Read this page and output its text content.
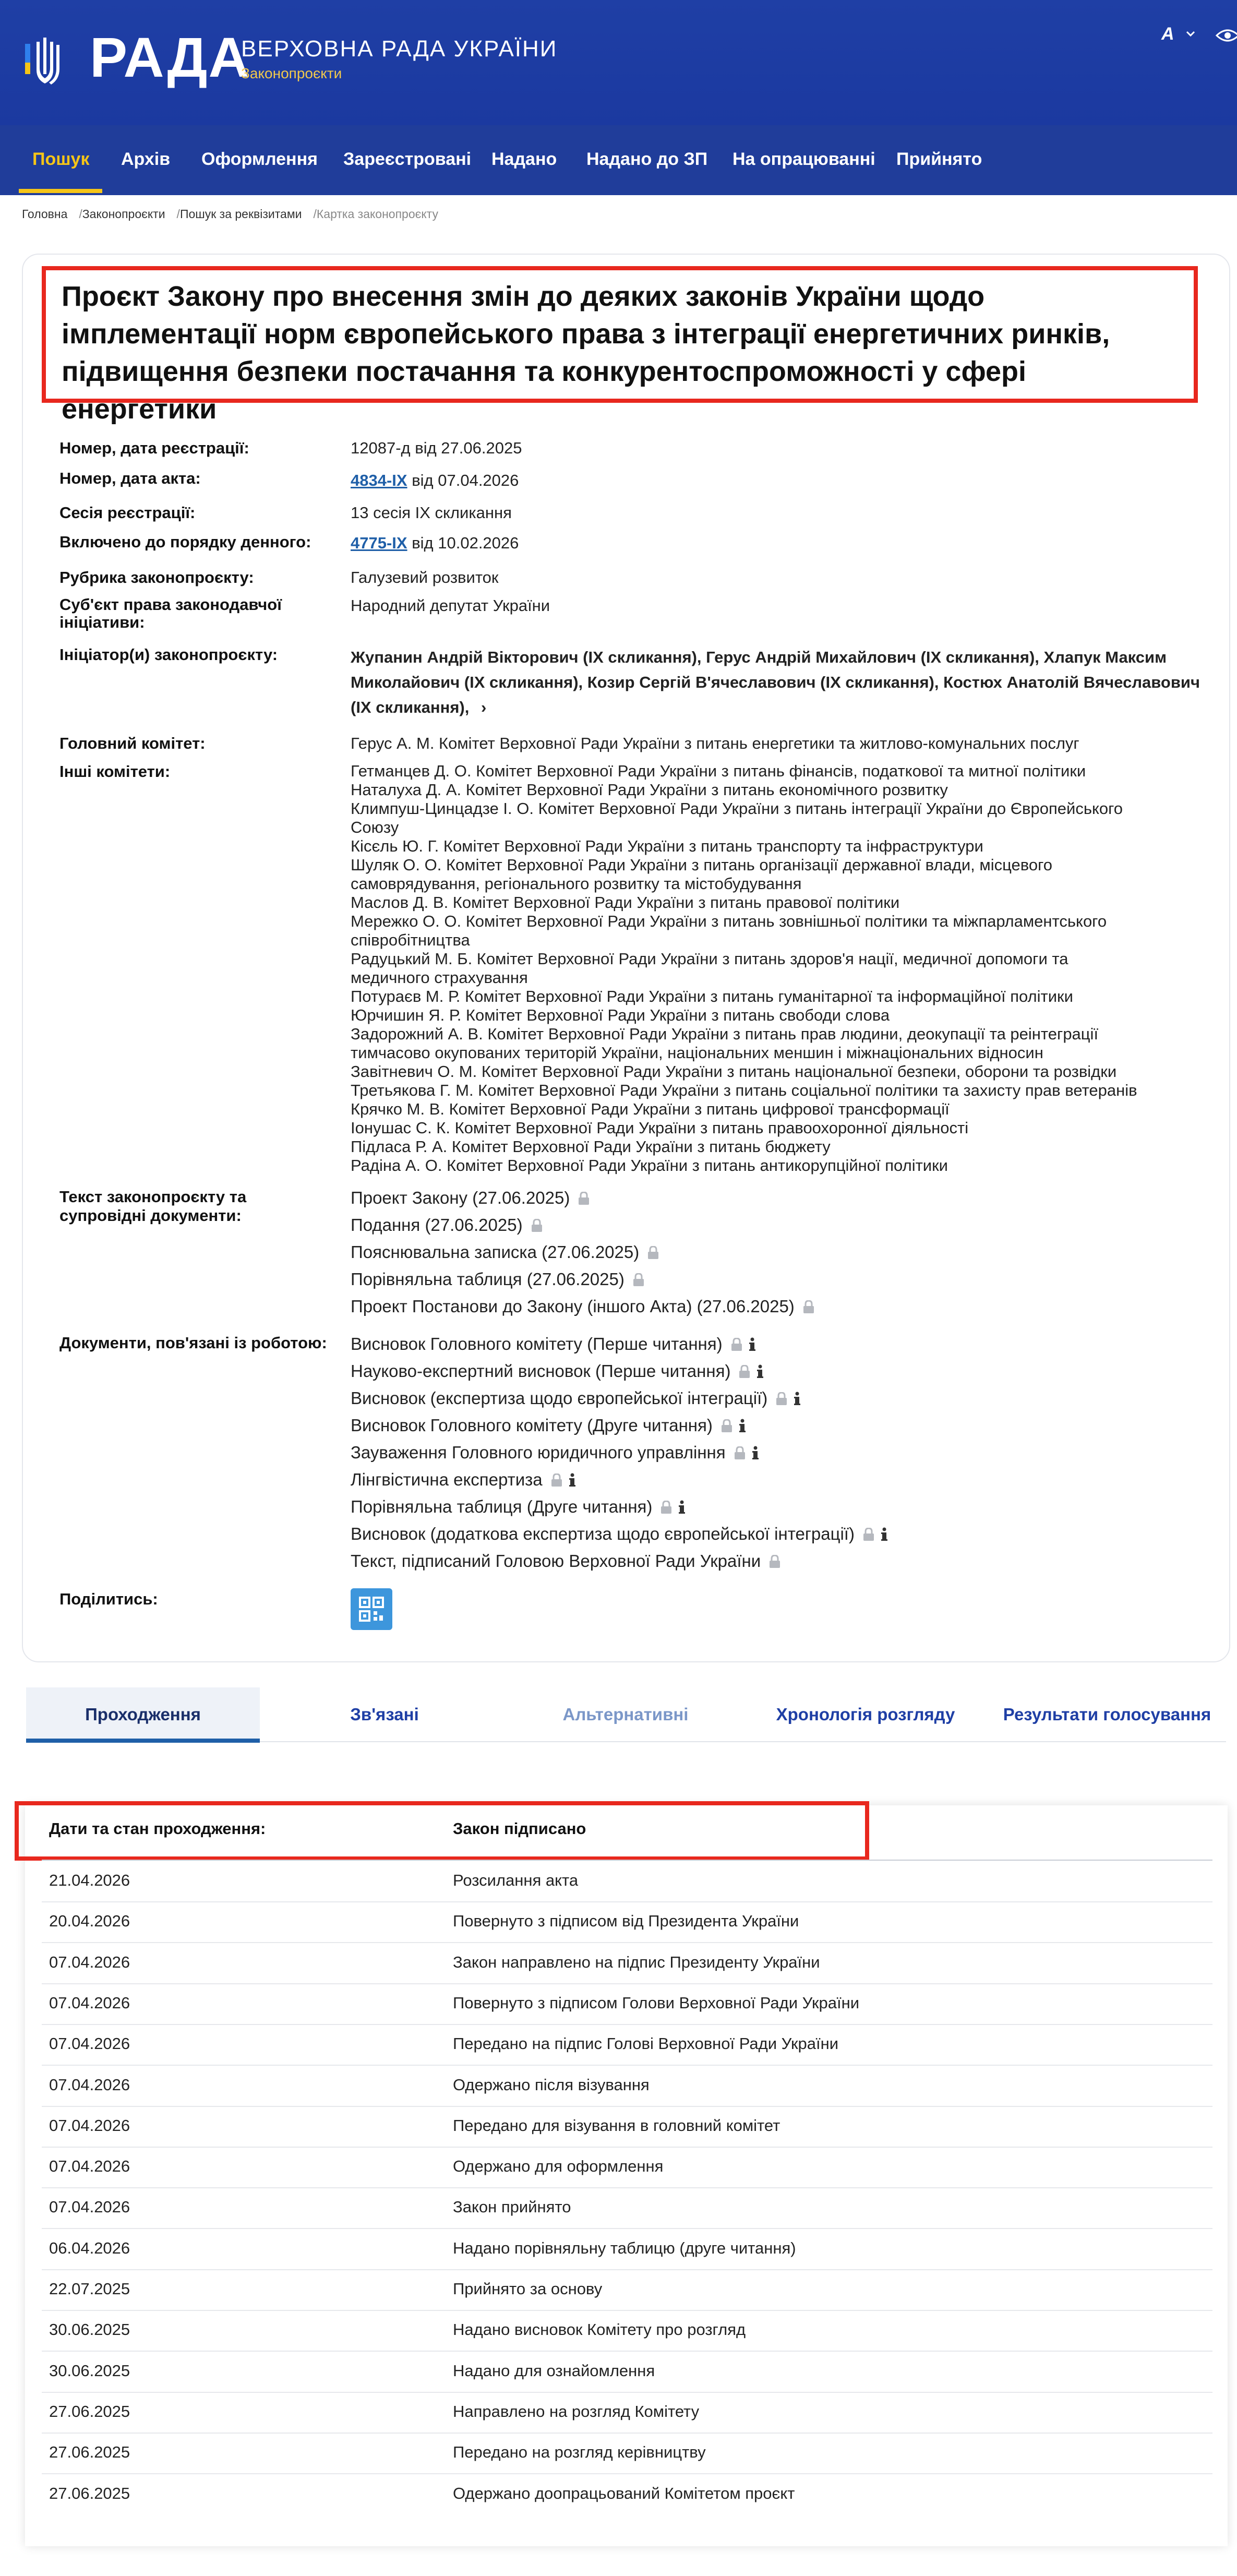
РАДА
ВЕРХОВНА РАДА УКРАЇНИ
Законопроєкти
A
Пошук Архів Оформлення Зареєстровані Надано Надано до ЗП На опрацюванні Прийнято
Головна /Законопроєкти /Пошук за реквізитами /Картка законопроєкту
Проєкт Закону про внесення змін до деяких законів України щодо імплементації норм європейського права з інтеграції енергетичних ринків, підвищення безпеки постачання та конкурентоспроможності у сфері енергетики
Номер, дата реєстрації:	12087-д від 27.06.2025
Номер, дата акта:	4834-IX від 07.04.2026
Сесія реєстрації:	13 сесія IX скликання
Включено до порядку денного:	4775-IX від 10.02.2026
Рубрика законопроєкту:	Галузевий розвиток
Суб'єкт права законодавчої ініціативи:
Народний депутат України
Ініціатор(и) законопроєкту:	Жупанин Андрій Вікторович (IX скликання), Герус Андрій Михайлович (IX скликання), Хлапук Максим Миколайович (IX скликання), Козир Сергій В'ячеславович (IX скликання), Костюх Анатолій Вячеславович (IX скликання), ›
Головний комітет:	Герус А. М. Комітет Верховної Ради України з питань енергетики та житлово-комунальних послуг
Інші комітети:	Гетманцев Д. О. Комітет Верховної Ради України з питань фінансів, податкової та митної політики
Наталуха Д. А. Комітет Верховної Ради України з питань економічного розвитку
Климпуш-Цинцадзе І. О. Комітет Верховної Ради України з питань інтеграції України до Європейського
Союзу
Кісєль Ю. Г. Комітет Верховної Ради України з питань транспорту та інфраструктури
Шуляк О. О. Комітет Верховної Ради України з питань організації державної влади, місцевого
самоврядування, регіонального розвитку та містобудування
Маслов Д. В. Комітет Верховної Ради України з питань правової політики
Мережко О. О. Комітет Верховної Ради України з питань зовнішньої політики та міжпарламентського
співробітництва
Радуцький М. Б. Комітет Верховної Ради України з питань здоров'я нації, медичної допомоги та
медичного страхування
Потураєв М. Р. Комітет Верховної Ради України з питань гуманітарної та інформаційної політики
Юрчишин Я. Р. Комітет Верховної Ради України з питань свободи слова
Задорожний А. В. Комітет Верховної Ради України з питань прав людини, деокупації та реінтеграції
тимчасово окупованих територій України, національних меншин і міжнаціональних відносин
Завітневич О. М. Комітет Верховної Ради України з питань національної безпеки, оборони та розвідки
Третьякова Г. М. Комітет Верховної Ради України з питань соціальної політики та захисту прав ветеранів
Крячко М. В. Комітет Верховної Ради України з питань цифрової трансформації
Іонушас С. К. Комітет Верховної Ради України з питань правоохоронної діяльності
Підласа Р. А. Комітет Верховної Ради України з питань бюджету
Радіна А. О. Комітет Верховної Ради України з питань антикорупційної політики
Текст законопроєкту та супровідні документи:
Проект Закону (27.06.2025)
Подання (27.06.2025)
Пояснювальна записка (27.06.2025)
Порівняльна таблиця (27.06.2025)
Проект Постанови до Закону (іншого Акта) (27.06.2025)
Документи, пов'язані із роботою: Висновок Головного комітету (Перше читання)
Науково-експертний висновок (Перше читання)
Висновок (експертиза щодо європейської інтеграції)
Висновок Головного комітету (Друге читання)
Зауваження Головного юридичного управління
Лінгвістична експертиза
Порівняльна таблиця (Друге читання)
Висновок (додаткова експертиза щодо європейської інтеграції)
Текст, підписаний Головою Верховної Ради України
Поділитись:
Проходження	Зв'язані	Альтернативні	Хронологія розгляду	Результати голосування
Дати та стан проходження:	Закон підписано
21.04.2026	Розсилання акта
20.04.2026	Повернуто з підписом від Президента України
07.04.2026	Закон направлено на підпис Президенту України
07.04.2026	Повернуто з підписом Голови Верховної Ради України
07.04.2026	Передано на підпис Голові Верховної Ради України
07.04.2026	Одержано після візування
07.04.2026	Передано для візування в головний комітет
07.04.2026	Одержано для оформлення
07.04.2026	Закон прийнято
06.04.2026	Надано порівняльну таблицю (друге читання)
22.07.2025	Прийнято за основу
30.06.2025	Надано висновок Комітету про розгляд
30.06.2025	Надано для ознайомлення
27.06.2025	Направлено на розгляд Комітету
27.06.2025	Передано на розгляд керівництву
27.06.2025	Одержано доопрацьований Комітетом проєкт
